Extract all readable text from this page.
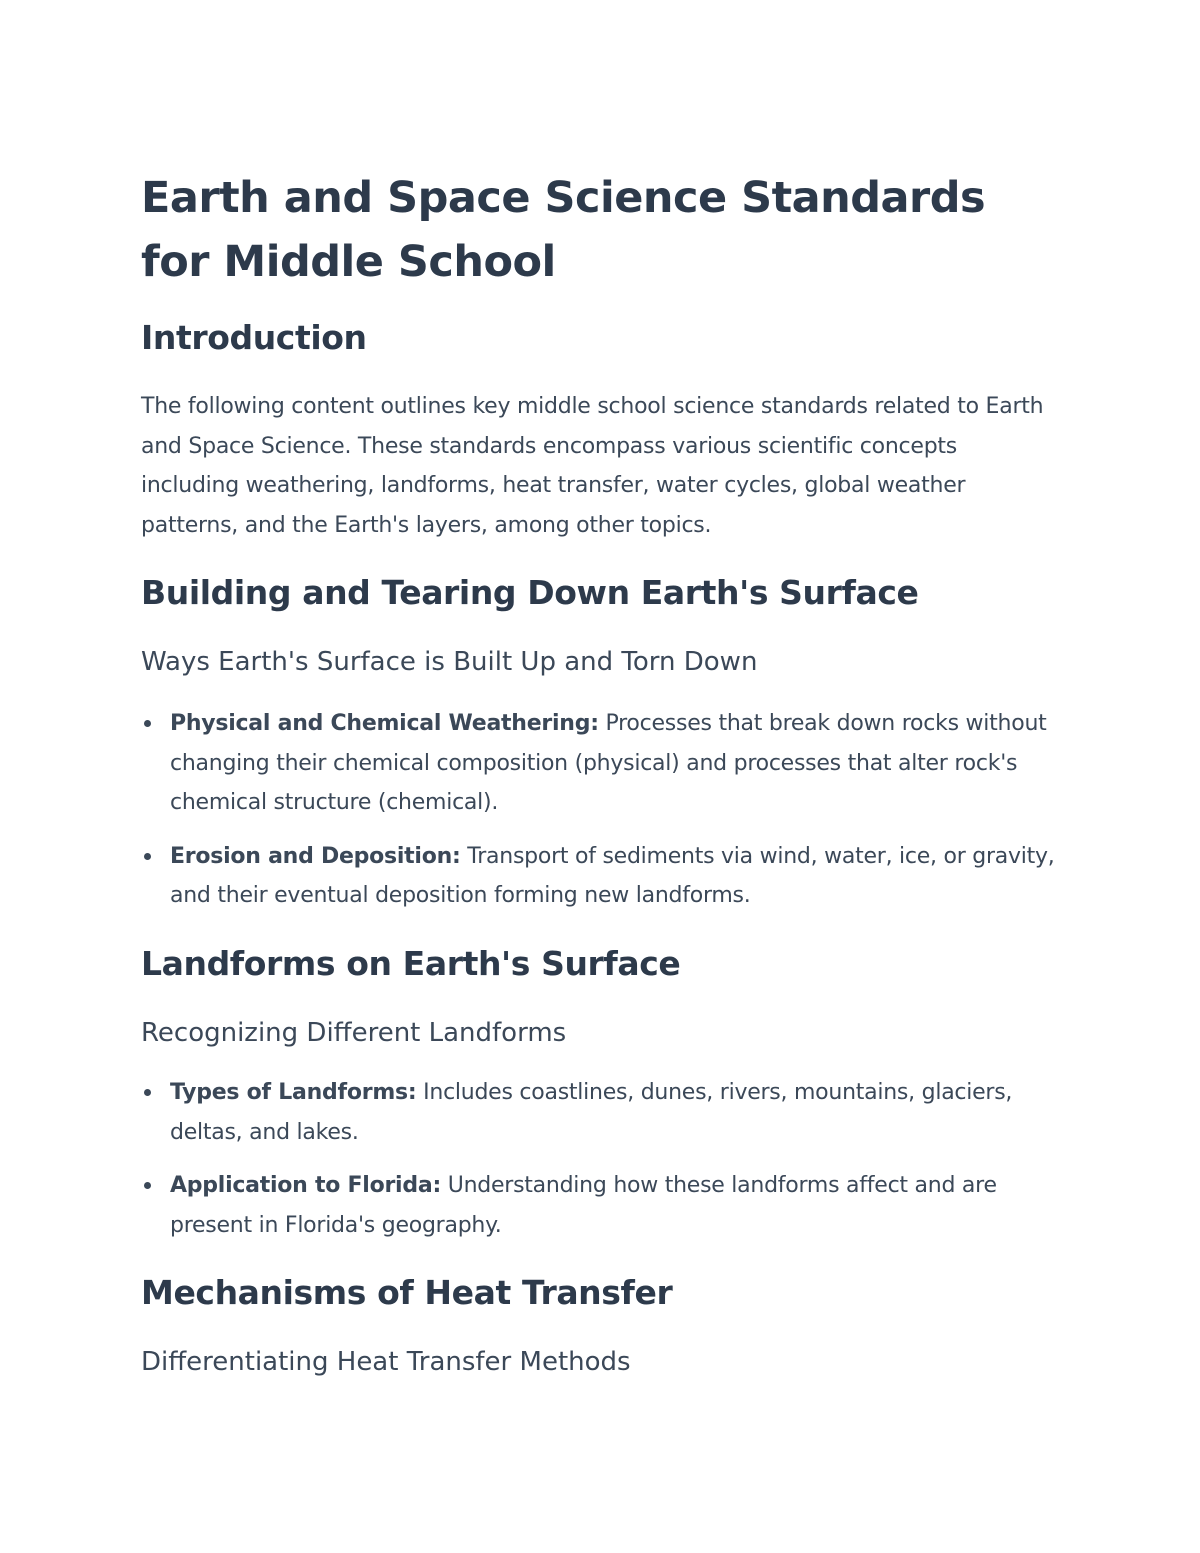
Earth and Space Science Standards for Middle School
Introduction

The following content outlines key middle school science standards related to Earth and Space Science. These standards encompass various scientific concepts including weathering, landforms, heat transfer, water cycles, global weather patterns, and the Earth's layers, among other topics.

Building and Tearing Down Earth's Surface
Ways Earth's Surface is Built Up and Torn Down
Physical and Chemical Weathering: Processes that break down rocks without changing their chemical composition (physical) and processes that alter rock's chemical structure (chemical).
Erosion and Deposition: Transport of sediments via wind, water, ice, or gravity, and their eventual deposition forming new landforms.
Landforms on Earth's Surface
Recognizing Different Landforms
Types of Landforms: Includes coastlines, dunes, rivers, mountains, glaciers, deltas, and lakes.
Application to Florida: Understanding how these landforms affect and are present in Florida's geography.
Mechanisms of Heat Transfer
Differentiating Heat Transfer Methods
